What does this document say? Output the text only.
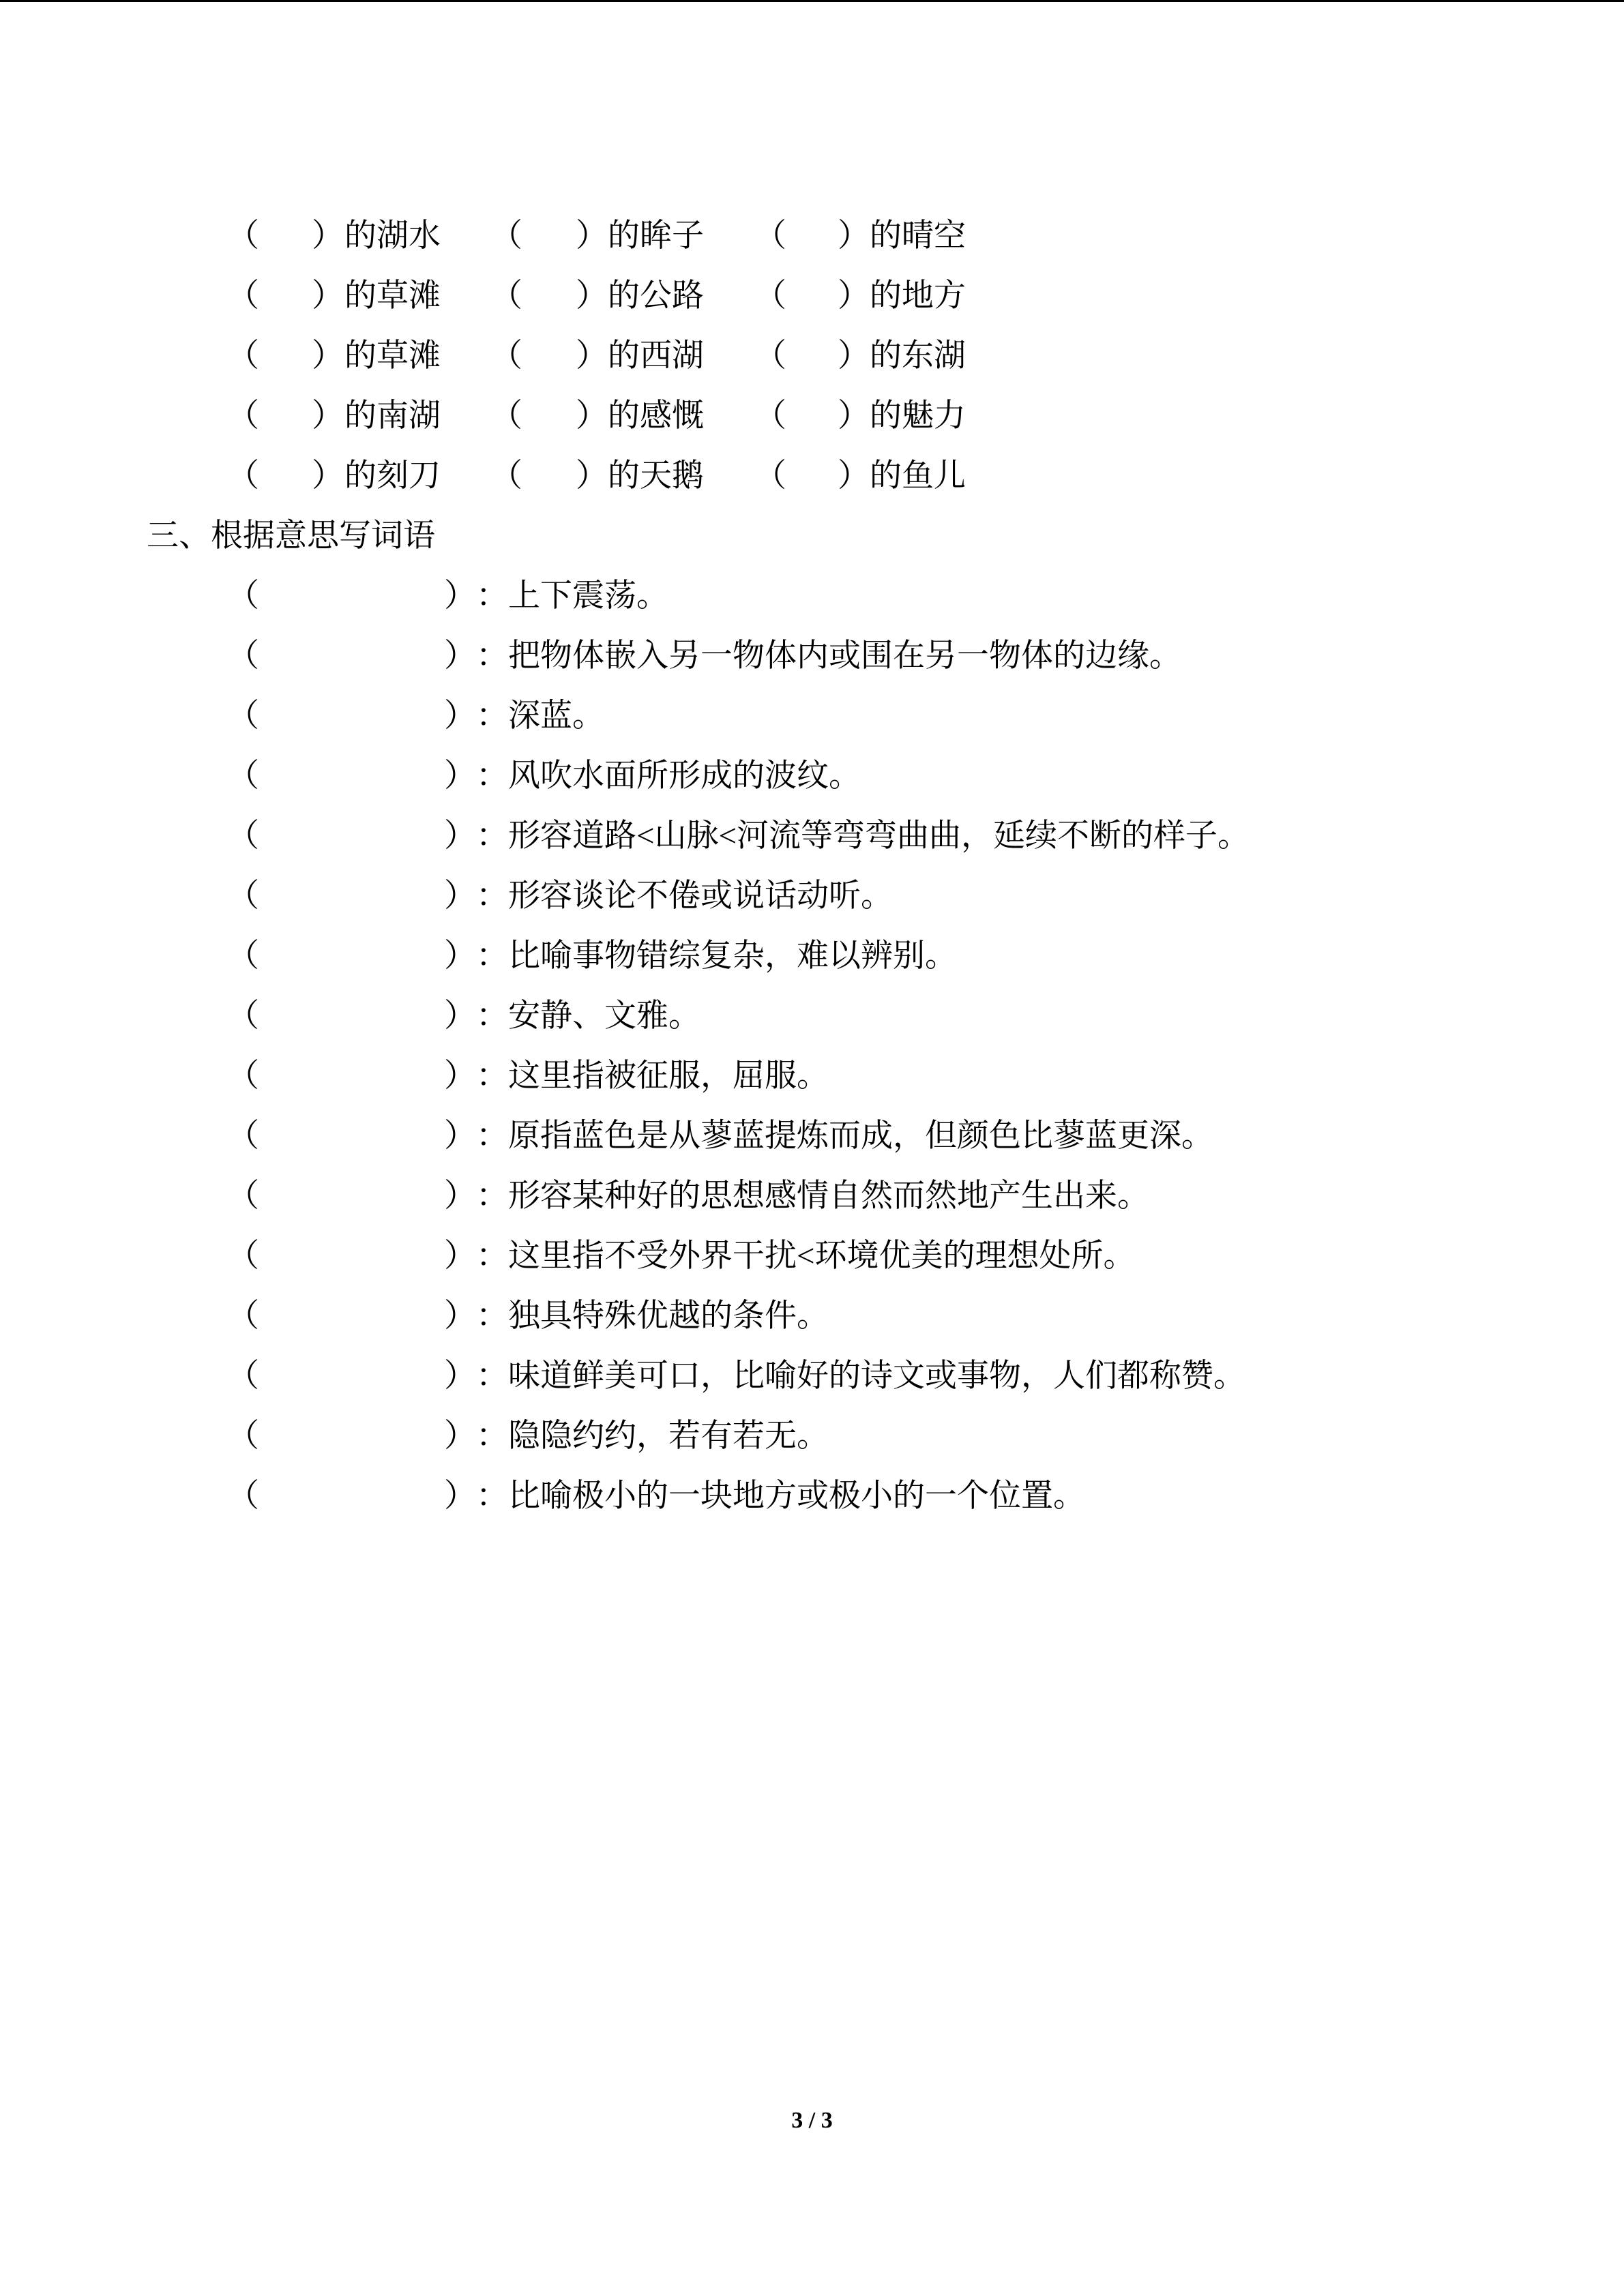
（ ） 的湖水 （ ） 的眸子 （ ） 的晴空
（ ） 的草滩 （ ） 的公路 （ ） 的地方
（ ） 的草滩 （ ） 的西湖 （ ） 的东湖
（ ） 的南湖 （ ） 的感慨 （ ） 的魅力
（ ） 的刻刀 （ ） 的天鹅 （ ） 的鱼儿
三、根据意思写词语
（	） ： 上下震荡。
（	） ： 把物体嵌入另一物体内或围在另一物体的边缘。
（	） ： 深蓝。
（	） ： 风吹水面所形成的波纹。
（	） ： 形容道路<山脉<河流等弯弯曲曲，延续不断的样子。
（	） ： 形容谈论不倦或说话动听。
（	） ： 比喻事物错综复杂，难以辨别。
（	） ： 安静、文雅。
（	） ： 这里指被征服，屈服。
（	） ： 原指蓝色是从蓼蓝提炼而成，但颜色比蓼蓝更深。
（	） ： 形容某种好的思想感情自然而然地产生出来。
（	） ： 这里指不受外界干扰<环境优美的理想处所。
（	） ： 独具特殊优越的条件。
（	） ： 味道鲜美可口，比喻好的诗文或事物，人们都称赞。
（	） ： 隐隐约约，若有若无。
（	） ： 比喻极小的一块地方或极小的一个位置。
3 / 3
